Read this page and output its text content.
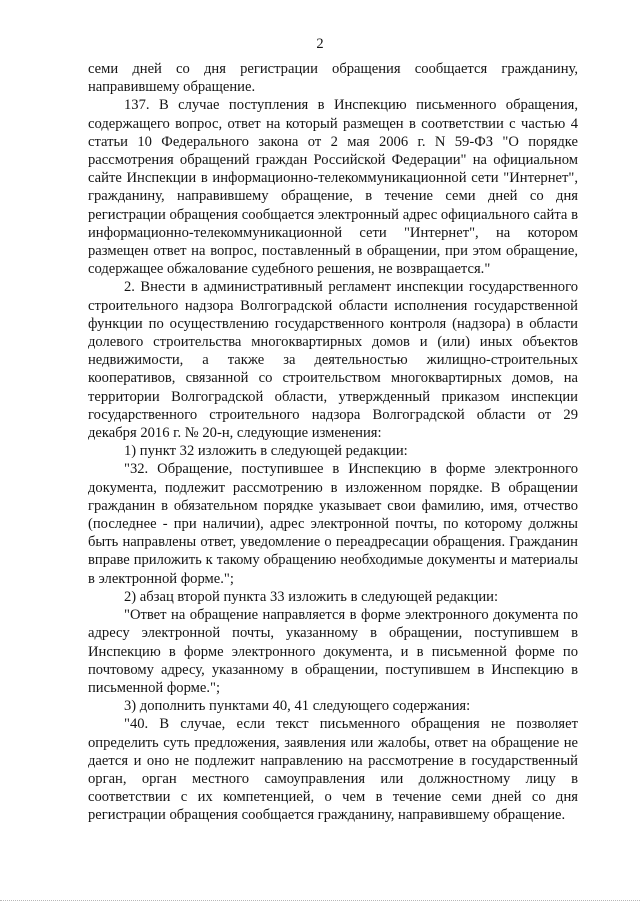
2

семи дней со дня регистрации обращения сообщается гражданину, направившему обращение.

137. В случае поступления в Инспекцию письменного обращения, содержащего вопрос, ответ на который размещен в соответствии с частью 4 статьи 10 Федерального закона от 2 мая 2006 г. N 59-ФЗ "О порядке рассмотрения обращений граждан Российской Федерации" на официальном сайте Инспекции в информационно-телекоммуникационной сети "Интернет", гражданину, направившему обращение, в течение семи дней со дня регистрации обращения сообщается электронный адрес официального сайта в информационно-телекоммуникационной сети "Интернет", на котором размещен ответ на вопрос, поставленный в обращении, при этом обращение, содержащее обжалование судебного решения, не возвращается."

2. Внести в административный регламент инспекции государственного строительного надзора Волгоградской области исполнения государственной функции по осуществлению государственного контроля (надзора) в области долевого строительства многоквартирных домов и (или) иных объектов недвижимости, а также за деятельностью жилищно-строительных кооперативов, связанной со строительством многоквартирных домов, на территории Волгоградской области, утвержденный приказом инспекции государственного строительного надзора Волгоградской области от 29 декабря 2016 г. № 20-н, следующие изменения:

1) пункт 32 изложить в следующей редакции:

"32. Обращение, поступившее в Инспекцию в форме электронного документа, подлежит рассмотрению в изложенном порядке. В обращении гражданин в обязательном порядке указывает свои фамилию, имя, отчество (последнее - при наличии), адрес электронной почты, по которому должны быть направлены ответ, уведомление о переадресации обращения. Гражданин вправе приложить к такому обращению необходимые документы и материалы в электронной форме.";

2) абзац второй пункта 33 изложить в следующей редакции:

"Ответ на обращение направляется в форме электронного документа по адресу электронной почты, указанному в обращении, поступившем в Инспекцию в форме электронного документа, и в письменной форме по почтовому адресу, указанному в обращении, поступившем в Инспекцию в письменной форме.";

3) дополнить пунктами 40, 41 следующего содержания:

"40. В случае, если текст письменного обращения не позволяет определить суть предложения, заявления или жалобы, ответ на обращение не дается и оно не подлежит направлению на рассмотрение в государственный орган, орган местного самоуправления или должностному лицу в соответствии с их компетенцией, о чем в течение семи дней со дня регистрации обращения сообщается гражданину, направившему обращение.
